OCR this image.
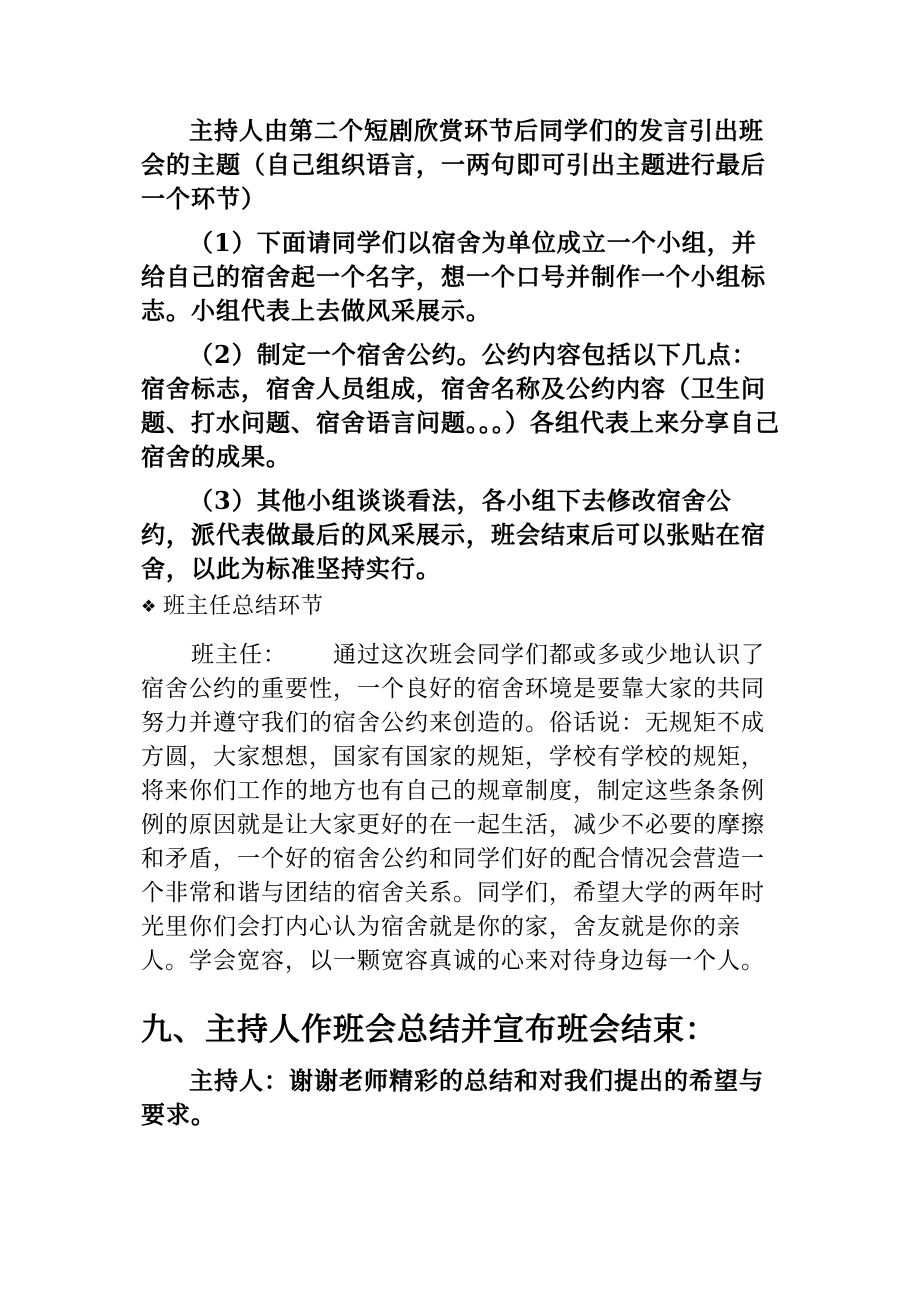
主持人由第二个短剧欣赏环节后同学们的发言引出班会的主题（自己组织语言，一两句即可引出主题进行最后一个环节）

（1）下面请同学们以宿舍为单位成立一个小组，并给自己的宿舍起一个名字，想一个口号并制作一个小组标志。小组代表上去做风采展示。

（2）制定一个宿舍公约。公约内容包括以下几点：宿舍标志，宿舍人员组成，宿舍名称及公约内容（卫生问题、打水问题、宿舍语言问题。。。）各组代表上来分享自己宿舍的成果。

（3）其他小组谈谈看法，各小组下去修改宿舍公约，派代表做最后的风采展示，班会结束后可以张贴在宿舍，以此为标准坚持实行。

❖ 班主任总结环节

班主任： 通过这次班会同学们都或多或少地认识了宿舍公约的重要性，一个良好的宿舍环境是要靠大家的共同努力并遵守我们的宿舍公约来创造的。俗话说：无规矩不成方圆，大家想想，国家有国家的规矩，学校有学校的规矩，将来你们工作的地方也有自己的规章制度，制定这些条条例例的原因就是让大家更好的在一起生活，减少不必要的摩擦和矛盾，一个好的宿舍公约和同学们好的配合情况会营造一个非常和谐与团结的宿舍关系。同学们，希望大学的两年时光里你们会打内心认为宿舍就是你的家，舍友就是你的亲人。学会宽容，以一颗宽容真诚的心来对待身边每一个人。

九、主持人作班会总结并宣布班会结束：

主持人：谢谢老师精彩的总结和对我们提出的希望与要求。
